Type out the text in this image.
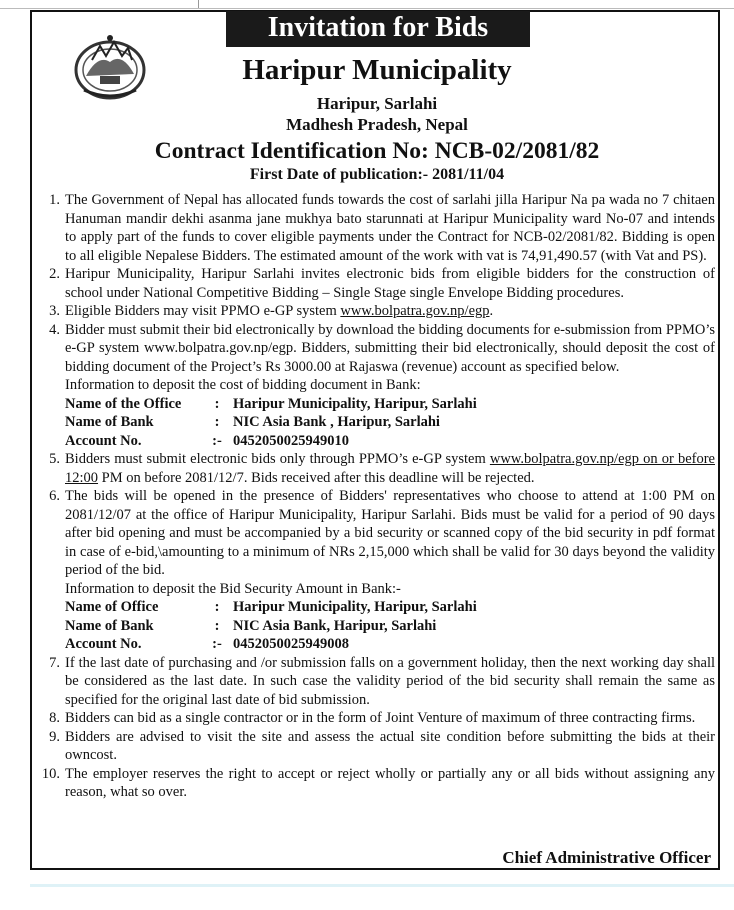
Invitation for Bids
Haripur Municipality
Haripur, Sarlahi
Madhesh Pradesh, Nepal
Contract Identification No: NCB-02/2081/82
First Date of publication:- 2081/11/04
1. The Government of Nepal has allocated funds towards the cost of sarlahi jilla Haripur Na pa wada no 7 chitaen Hanuman mandir dekhi asanma jane mukhya bato starunnati at Haripur Municipality ward No-07 and intends to apply part of the funds to cover eligible payments under the Contract for NCB-02/2081/82. Bidding is open to all eligible Nepalese Bidders. The estimated amount of the work with vat is 74,91,490.57 (with Vat and PS).
2. Haripur Municipality, Haripur Sarlahi invites electronic bids from eligible bidders for the construction of school under National Competitive Bidding – Single Stage single Envelope Bidding procedures.
3. Eligible Bidders may visit PPMO e-GP system www.bolpatra.gov.np/egp.
4. Bidder must submit their bid electronically by download the bidding documents for e-submission from PPMO’s e-GP system www.bolpatra.gov.np/egp. Bidders, submitting their bid electronically, should deposit the cost of bidding document of the Project’s Rs 3000.00 at Rajaswa (revenue) account as specified below.
Information to deposit the cost of bidding document in Bank:
Name of the Office	: Haripur Municipality, Haripur, Sarlahi
Name of Bank	: NIC Asia Bank , Haripur, Sarlahi
Account No.	:- 0452050025949010
5. Bidders must submit electronic bids only through PPMO’s e-GP system www.bolpatra.gov.np/egp on or before 12:00 PM on before 2081/12/7. Bids received after this deadline will be rejected.
6. The bids will be opened in the presence of Bidders' representatives who choose to attend at 1:00 PM on 2081/12/07 at the office of Haripur Municipality, Haripur Sarlahi. Bids must be valid for a period of 90 days after bid opening and must be accompanied by a bid security or scanned copy of the bid security in pdf format in case of e-bid,\amounting to a minimum of NRs 2,15,000 which shall be valid for 30 days beyond the validity period of the bid.
Information to deposit the Bid Security Amount in Bank:-
Name of Office	: Haripur Municipality, Haripur, Sarlahi
Name of Bank	: NIC Asia Bank, Haripur, Sarlahi
Account No.	:- 0452050025949008
7. If the last date of purchasing and /or submission falls on a government holiday, then the next working day shall be considered as the last date. In such case the validity period of the bid security shall remain the same as specified for the original last date of bid submission.
8. Bidders can bid as a single contractor or in the form of Joint Venture of maximum of three contracting firms.
9. Bidders are advised to visit the site and assess the actual site condition before submitting the bids at their owncost.
10. The employer reserves the right to accept or reject wholly or partially any or all bids without assigning any reason, what so over.
Chief Administrative Officer
